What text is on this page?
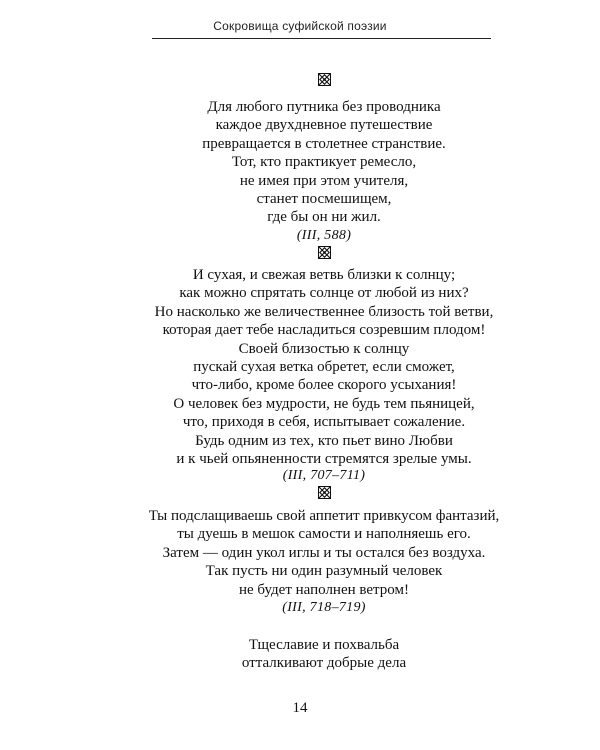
Сокровища суфийской поэзии
Для любого путника без проводника
каждое двухдневное путешествие
превращается в столетнее странствие.
Тот, кто практикует ремесло,
не имея при этом учителя,
станет посмешищем,
где бы он ни жил.
(III, 588)
И сухая, и свежая ветвь близки к солнцу;
как можно спрятать солнце от любой из них?
Но насколько же величественнее близость той ветви,
которая дает тебе насладиться созревшим плодом!
Своей близостью к солнцу
пускай сухая ветка обретет, если сможет,
что-либо, кроме более скорого усыхания!
О человек без мудрости, не будь тем пьяницей,
что, приходя в себя, испытывает сожаление.
Будь одним из тех, кто пьет вино Любви
и к чьей опьяненности стремятся зрелые умы.
(III, 707–711)
Ты подслащиваешь свой аппетит привкусом фантазий,
ты дуешь в мешок самости и наполняешь его.
Затем — один укол иглы и ты остался без воздуха.
Так пусть ни один разумный человек
не будет наполнен ветром!
(III, 718–719)
Тщеславие и похвальба
отталкивают добрые дела
14
